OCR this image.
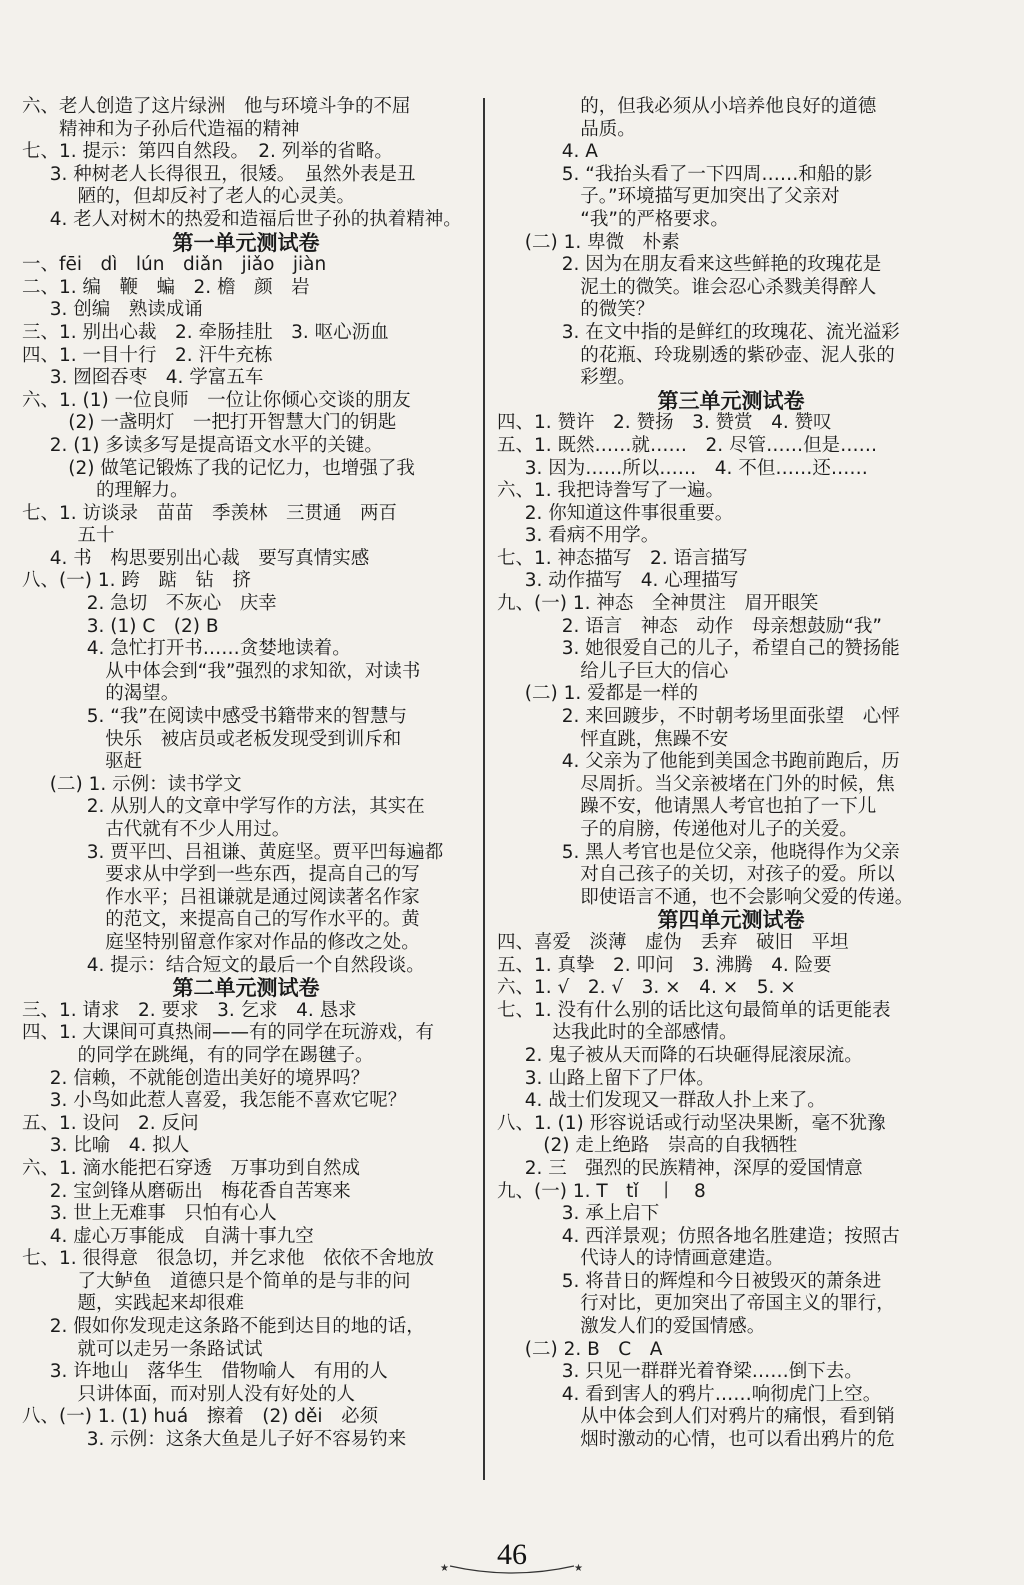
六、老人创造了这片绿洲　他与环境斗争的不屈
精神和为子孙后代造福的精神
七、1. 提示：第四自然段。　2. 列举的省略。
3. 种树老人长得很丑，很矮。　虽然外表是丑
陋的，但却反衬了老人的心灵美。
4. 老人对树木的热爱和造福后世子孙的执着精神。
第一单元测试卷
一、fēi　dì　lún　diǎn　jiǎo　jiàn
二、1. 编　鞭　蝙　2. 檐　颜　岩
3. 创编　熟读成诵
三、1. 别出心裁　2. 牵肠挂肚　3. 呕心沥血
四、1. 一目十行　2. 汗牛充栋
3. 囫囵吞枣　4. 学富五车
六、1. (1) 一位良师　一位让你倾心交谈的朋友
(2) 一盏明灯　一把打开智慧大门的钥匙
2. (1) 多读多写是提高语文水平的关键。
(2) 做笔记锻炼了我的记忆力，也增强了我
的理解力。
七、1. 访谈录　苗苗　季羡林　三贯通　两百
五十
4. 书　构思要别出心裁　要写真情实感
八、(一) 1. 跨　踮　钻　挤
2. 急切　不灰心　庆幸
3. (1) C　(2) B
4. 急忙打开书……贪婪地读着。
从中体会到“我”强烈的求知欲，对读书
的渴望。
5. “我”在阅读中感受书籍带来的智慧与
快乐　被店员或老板发现受到训斥和
驱赶
(二) 1. 示例：读书学文
2. 从别人的文章中学写作的方法，其实在
古代就有不少人用过。
3. 贾平凹、吕祖谦、黄庭坚。贾平凹每遍都
要求从中学到一些东西，提高自己的写
作水平；吕祖谦就是通过阅读著名作家
的范文，来提高自己的写作水平的。黄
庭坚特别留意作家对作品的修改之处。
4. 提示：结合短文的最后一个自然段谈。
第二单元测试卷
三、1. 请求　2. 要求　3. 乞求　4. 恳求
四、1. 大课间可真热闹——有的同学在玩游戏，有
的同学在跳绳，有的同学在踢毽子。
2. 信赖，不就能创造出美好的境界吗？
3. 小鸟如此惹人喜爱，我怎能不喜欢它呢？
五、1. 设问　2. 反问
3. 比喻　4. 拟人
六、1. 滴水能把石穿透　万事功到自然成
2. 宝剑锋从磨砺出　梅花香自苦寒来
3. 世上无难事　只怕有心人
4. 虚心万事能成　自满十事九空
七、1. 很得意　很急切，并乞求他　依依不舍地放
了大鲈鱼　道德只是个简单的是与非的问
题，实践起来却很难
2. 假如你发现走这条路不能到达目的地的话，
就可以走另一条路试试
3. 许地山　落华生　借物喻人　有用的人
只讲体面，而对别人没有好处的人
八、(一) 1. (1) huá　擦着　(2) děi　必须
3. 示例：这条大鱼是儿子好不容易钓来
的，但我必须从小培养他良好的道德
品质。
4. A
5. “我抬头看了一下四周……和船的影
子。”环境描写更加突出了父亲对
“我”的严格要求。
(二) 1. 卑微　朴素
2. 因为在朋友看来这些鲜艳的玫瑰花是
泥土的微笑。谁会忍心杀戮美得醉人
的微笑？
3. 在文中指的是鲜红的玫瑰花、流光溢彩
的花瓶、玲珑剔透的紫砂壶、泥人张的
彩塑。
第三单元测试卷
四、1. 赞许　2. 赞扬　3. 赞赏　4. 赞叹
五、1. 既然……就……　2. 尽管……但是……
3. 因为……所以……　4. 不但……还……
六、1. 我把诗誊写了一遍。
2. 你知道这件事很重要。
3. 看病不用学。
七、1. 神态描写　2. 语言描写
3. 动作描写　4. 心理描写
九、(一) 1. 神态　全神贯注　眉开眼笑
2. 语言　神态　动作　母亲想鼓励“我”
3. 她很爱自己的儿子，希望自己的赞扬能
给儿子巨大的信心
(二) 1. 爱都是一样的
2. 来回踱步，不时朝考场里面张望　心怦
怦直跳，焦躁不安
4. 父亲为了他能到美国念书跑前跑后，历
尽周折。当父亲被堵在门外的时候，焦
躁不安，他请黑人考官也拍了一下儿
子的肩膀，传递他对儿子的关爱。
5. 黑人考官也是位父亲，他晓得作为父亲
对自己孩子的关切，对孩子的爱。所以
即使语言不通，也不会影响父爱的传递。
第四单元测试卷
四、喜爱　淡薄　虚伪　丢弃　破旧　平坦
五、1. 真挚　2. 叩问　3. 沸腾　4. 险要
六、1. √　2. √　3. ×　4. ×　5. ×
七、1. 没有什么别的话比这句最简单的话更能表
达我此时的全部感情。
2. 鬼子被从天而降的石块砸得屁滚尿流。
3. 山路上留下了尸体。
4. 战士们发现又一群敌人扑上来了。
八、1. (1) 形容说话或行动坚决果断，毫不犹豫
(2) 走上绝路　崇高的自我牺牲
2. 三　强烈的民族精神，深厚的爱国情意
九、(一) 1. T　tǐ　丨　8
3. 承上启下
4. 西洋景观；仿照各地名胜建造；按照古
代诗人的诗情画意建造。
5. 将昔日的辉煌和今日被毁灭的萧条进
行对比，更加突出了帝国主义的罪行，
激发人们的爱国情感。
(二) 2. B　C　A
3. 只见一群群光着脊梁……倒下去。
4. 看到害人的鸦片……响彻虎门上空。
从中体会到人们对鸦片的痛恨，看到销
烟时激动的心情，也可以看出鸦片的危
46
★	★
